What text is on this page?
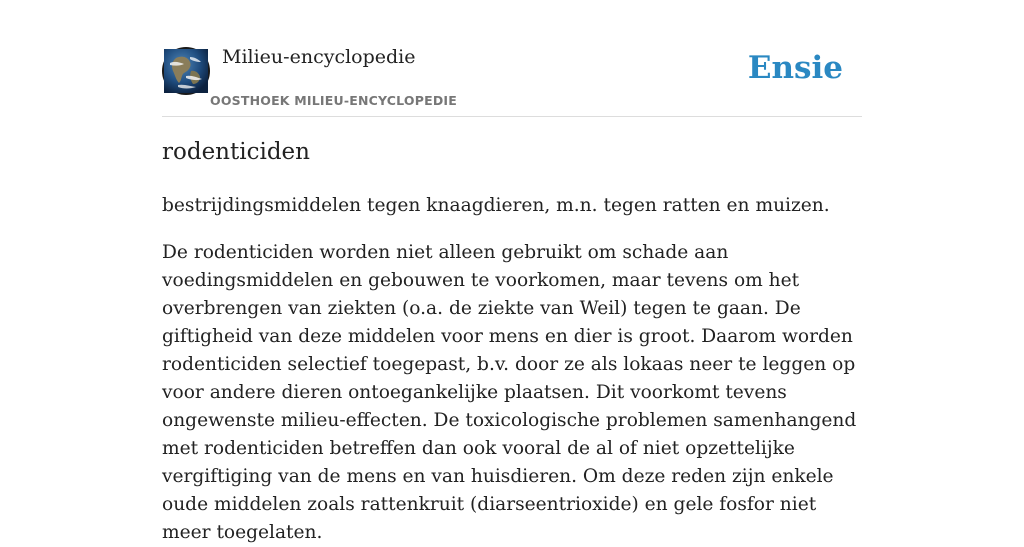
Milieu-encyclopedie
OOSTHOEK MILIEU-ENCYCLOPEDIE
Ensie
rodenticiden

bestrijdingsmiddelen tegen knaagdieren, m.n. tegen ratten en muizen.

De rodenticiden worden niet alleen gebruikt om schade aan voedingsmiddelen en gebouwen te voorkomen, maar tevens om het overbrengen van ziekten (o.a. de ziekte van Weil) tegen te gaan. De giftigheid van deze middelen voor mens en dier is groot. Daarom worden rodenticiden selectief toegepast, b.v. door ze als lokaas neer te leggen op voor andere dieren ontoegankelijke plaatsen. Dit voorkomt tevens ongewenste milieu-effecten. De toxicologische problemen samenhangend met rodenticiden betreffen dan ook vooral de al of niet opzettelijke vergiftiging van de mens en van huisdieren. Om deze reden zijn enkele oude middelen zoals rattenkruit (diarseentrioxide) en gele fosfor niet meer toegelaten.
